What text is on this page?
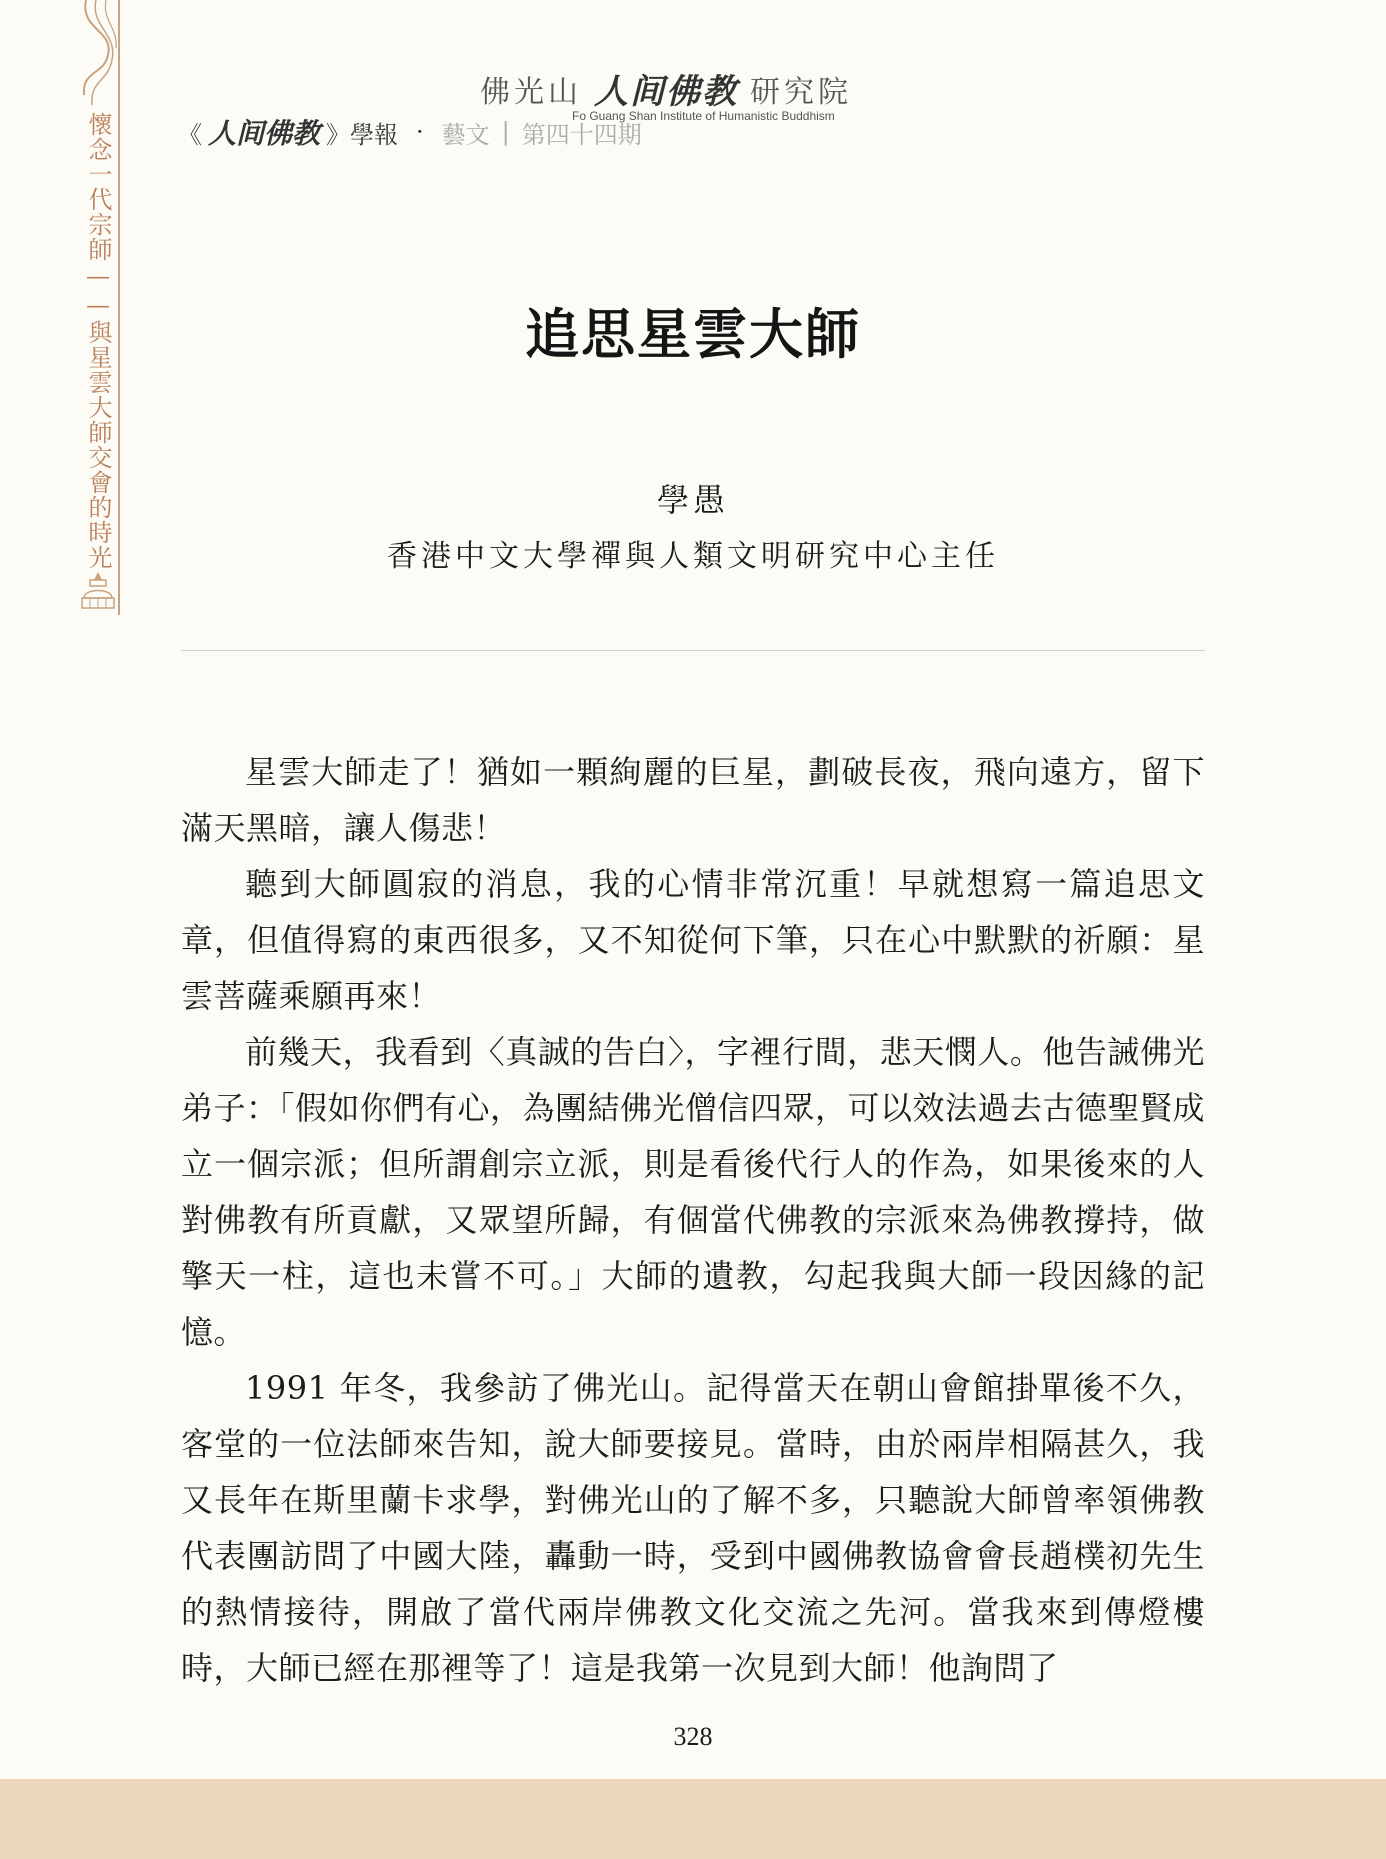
懷念一代宗師——與星雲大師交會的時光
佛光山 人间佛教 研究院
Fo Guang Shan Institute of Humanistic Buddhism
《 人间佛教 》學報 · 藝文 | 第四十四期
追思星雲大師
學愚
香港中文大學禪與人類文明研究中心主任

星雲大師走了！猶如一顆絢麗的巨星，劃破長夜，飛向遠方，留下滿天黑暗，讓人傷悲！

聽到大師圓寂的消息，我的心情非常沉重！早就想寫一篇追思文章，但值得寫的東西很多，又不知從何下筆，只在心中默默的祈願：星雲菩薩乘願再來！

前幾天，我看到〈真誠的告白〉，字裡行間，悲天憫人。他告誡佛光弟子：「假如你們有心，為團結佛光僧信四眾，可以效法過去古德聖賢成立一個宗派；但所謂創宗立派，則是看後代行人的作為，如果後來的人對佛教有所貢獻，又眾望所歸，有個當代佛教的宗派來為佛教撐持，做擎天一柱，這也未嘗不可。」大師的遺教，勾起我與大師一段因緣的記憶。

1991 年冬，我參訪了佛光山。記得當天在朝山會館掛單後不久，客堂的一位法師來告知，說大師要接見。當時，由於兩岸相隔甚久，我又長年在斯里蘭卡求學，對佛光山的了解不多，只聽說大師曾率領佛教代表團訪問了中國大陸，轟動一時，受到中國佛教協會會長趙樸初先生的熱情接待，開啟了當代兩岸佛教文化交流之先河。當我來到傳燈樓時，大師已經在那裡等了！這是我第一次見到大師！他詢問了

328
